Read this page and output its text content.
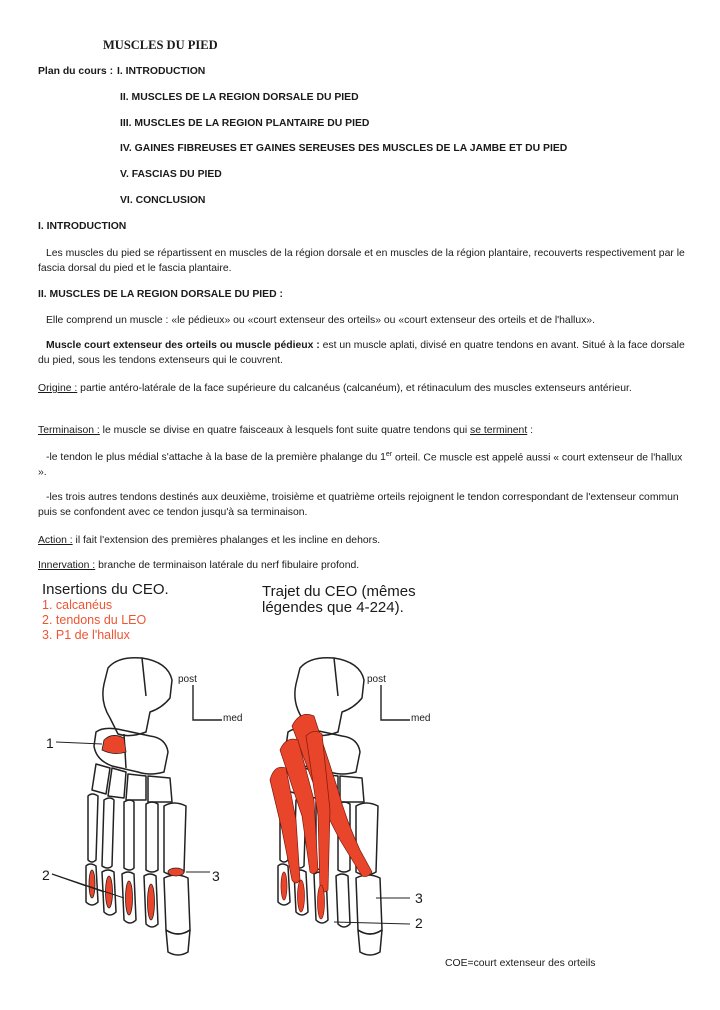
MUSCLES DU PIED
Plan du cours : I. INTRODUCTION
II. MUSCLES DE LA REGION DORSALE DU PIED
III. MUSCLES DE LA REGION PLANTAIRE DU PIED
IV. GAINES FIBREUSES ET GAINES SEREUSES DES MUSCLES DE LA JAMBE ET DU PIED
V. FASCIAS DU PIED
VI. CONCLUSION
I. INTRODUCTION
Les muscles du pied se répartissent en muscles de la région dorsale et en muscles de la région plantaire, recouverts respectivement par le fascia dorsal du pied et le fascia plantaire.
II. MUSCLES DE LA REGION DORSALE DU PIED :
Elle comprend un muscle : «le pédieux» ou «court extenseur des orteils» ou «court extenseur des orteils et de l'hallux».
Muscle court extenseur des orteils ou muscle pédieux : est un muscle aplati, divisé en quatre tendons en avant. Situé à la face dorsale du pied, sous les tendons extenseurs qui le couvrent.
Origine : partie antéro-latérale de la face supérieure du calcanéus (calcanéum), et rétinaculum des muscles extenseurs antérieur.
Terminaison : le muscle se divise en quatre faisceaux à lesquels font suite quatre tendons qui se terminent :
-le tendon le plus médial s'attache à la base de la première phalange du 1er orteil. Ce muscle est appelé aussi « court extenseur de l'hallux ».
-les trois autres tendons destinés aux deuxième, troisième et quatrième orteils rejoignent le tendon correspondant de l'extenseur commun puis se confondent avec ce tendon jusqu'à sa terminaison.
Action : il fait l'extension des premières phalanges et les incline en dehors.
Innervation : branche de terminaison latérale du nerf fibulaire profond.
Insertions du CEO.
1. calcanéus
2. tendons du LEO
3. P1 de l'hallux
Trajet du CEO (mêmes
légendes que 4-224).
post
med
post
med
1
2	3
3
2
COE=court extenseur des orteils
